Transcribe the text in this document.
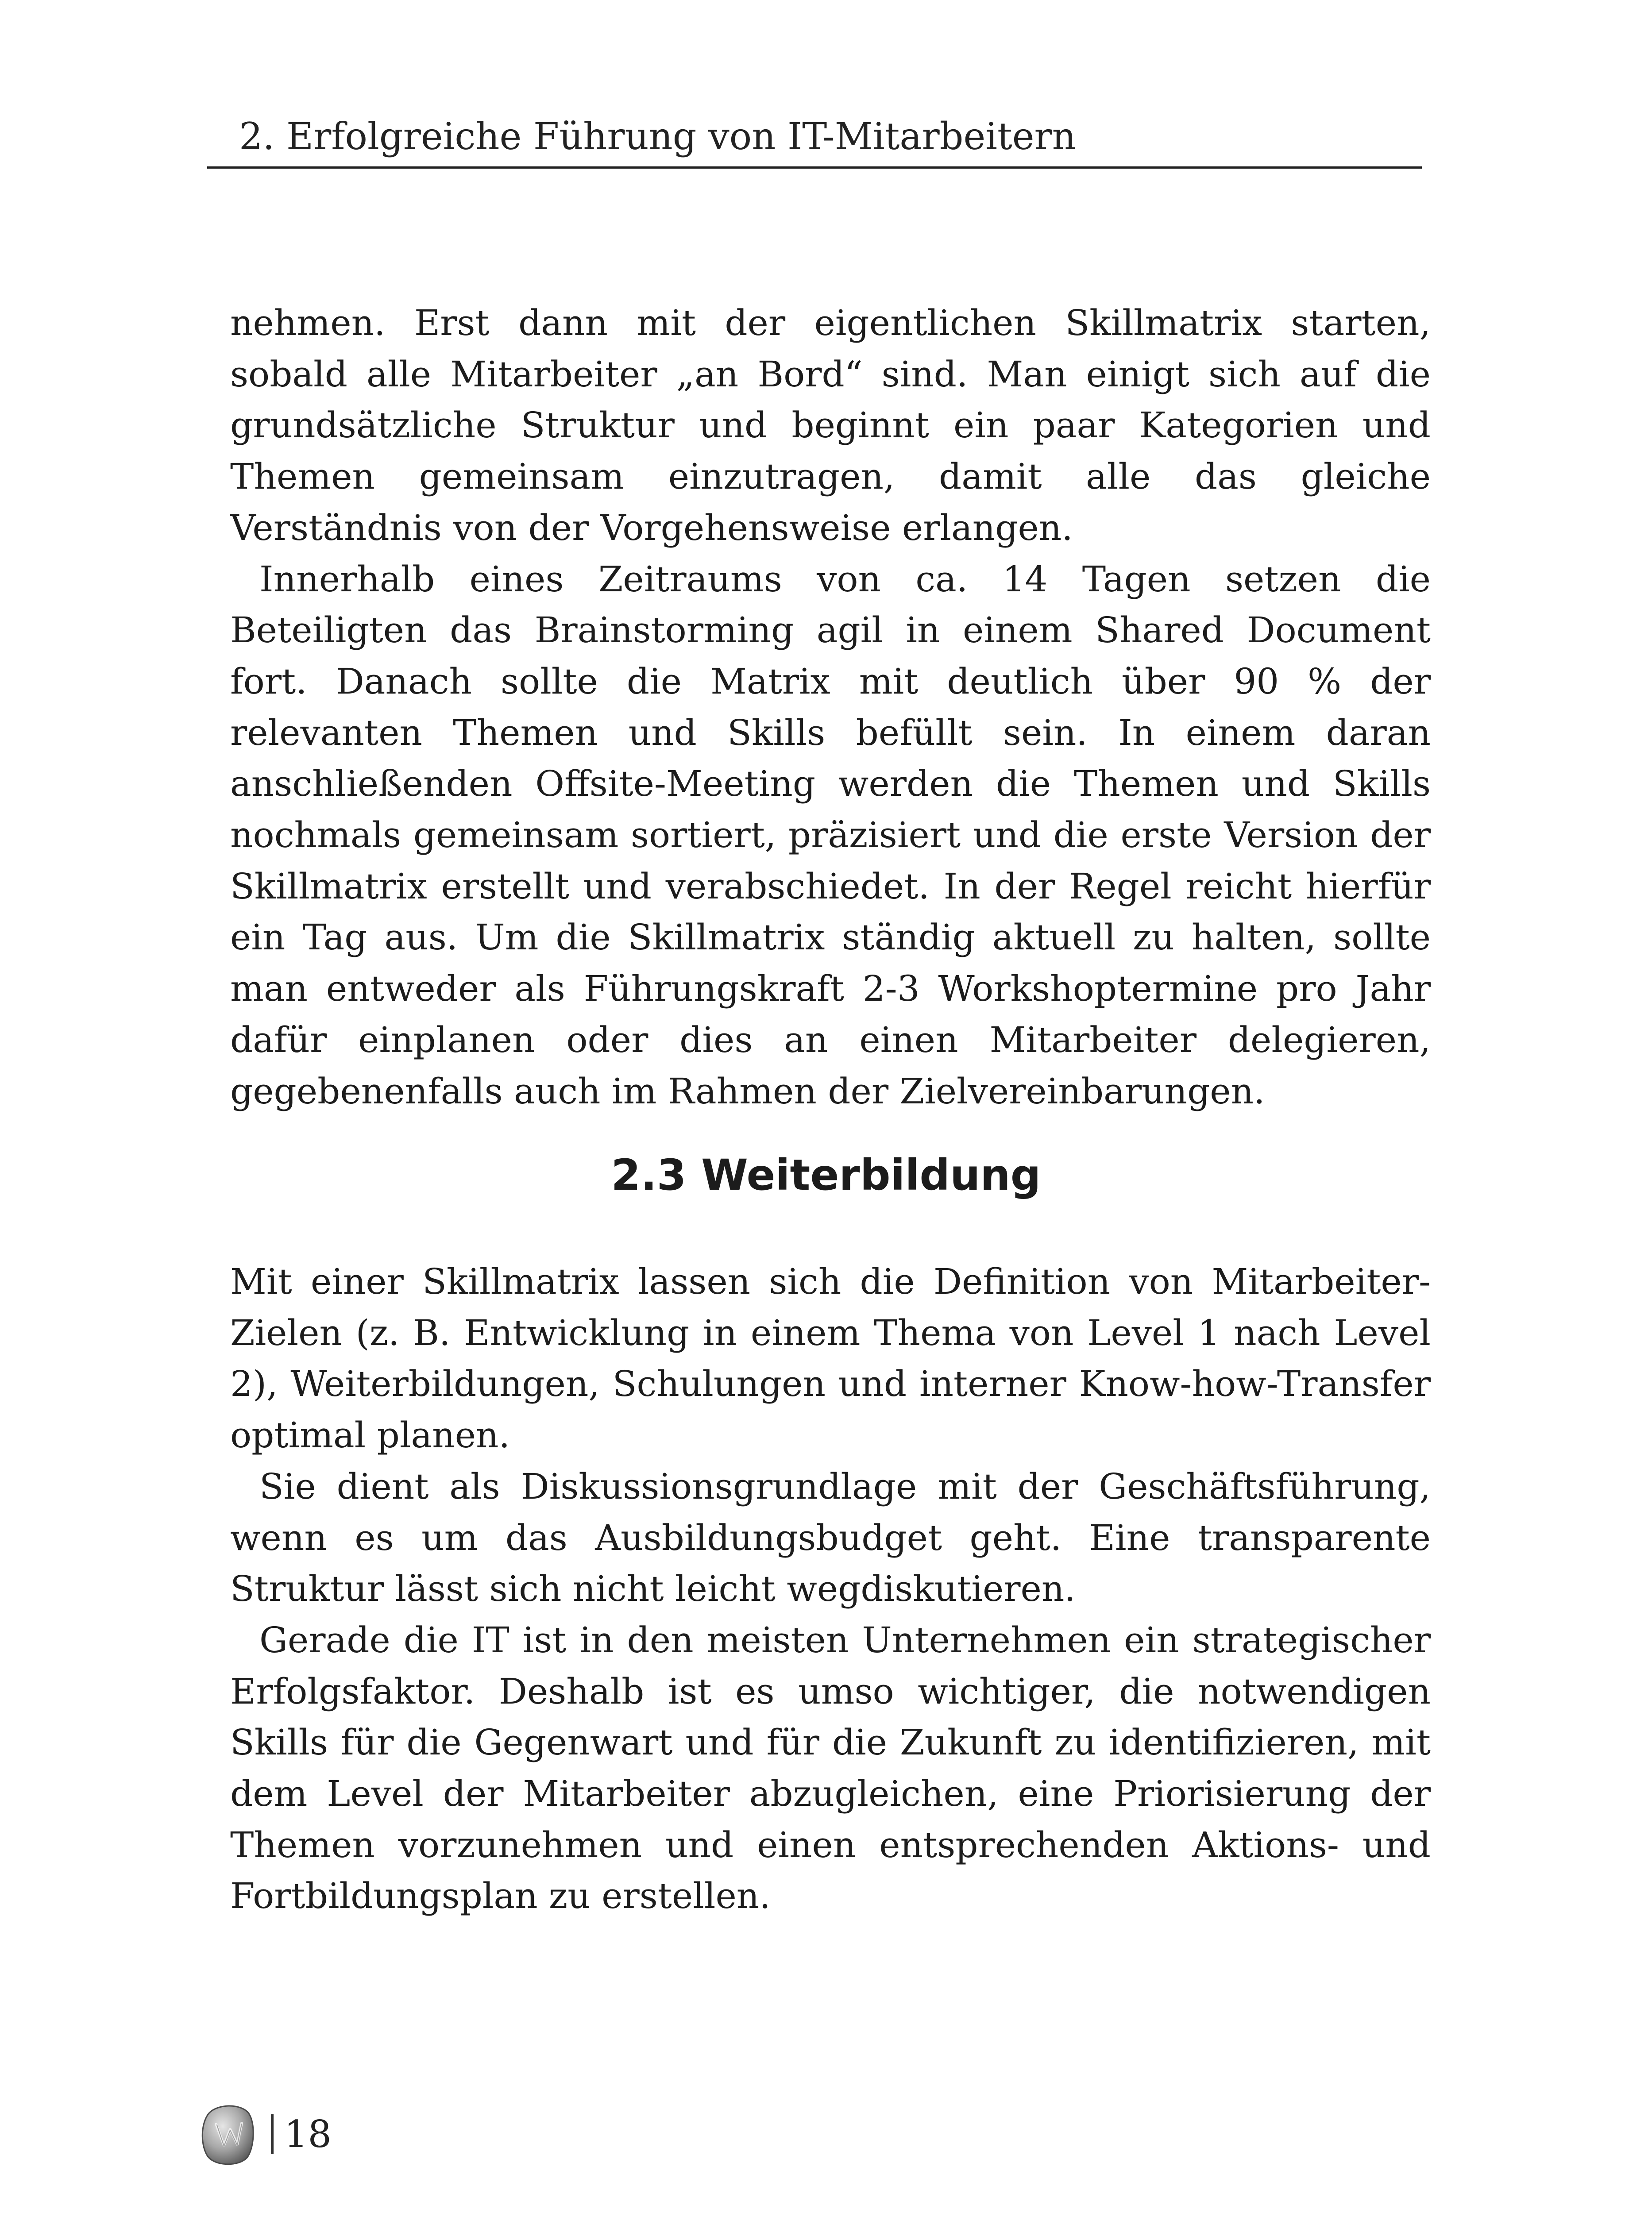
2. Erfolgreiche Führung von IT-Mitarbeitern

nehmen. Erst dann mit der eigentlichen Skillmatrix starten, sobald alle Mitarbeiter „an Bord“ sind. Man einigt sich auf die grundsätzliche Struktur und beginnt ein paar Kategorien und Themen gemeinsam einzutragen, damit alle das gleiche Verständnis von der Vorgehensweise erlangen.

Innerhalb eines Zeitraums von ca. 14 Tagen setzen die Beteiligten das Brainstorming agil in einem Shared Document fort. Danach sollte die Matrix mit deutlich über 90 % der relevanten Themen und Skills befüllt sein. In einem daran anschließenden Offsite-Meeting werden die Themen und Skills nochmals gemeinsam sortiert, präzisiert und die erste Version der Skillmatrix erstellt und verabschiedet. In der Regel reicht hierfür ein Tag aus. Um die Skillmatrix ständig aktuell zu halten, sollte man entweder als Führungskraft 2-3 Workshoptermine pro Jahr dafür einplanen oder dies an einen Mitarbeiter delegieren, gegebenenfalls auch im Rahmen der Zielvereinbarungen.

2.3 Weiterbildung

Mit einer Skillmatrix lassen sich die Definition von Mitarbeiter-Zielen (z. B. Entwicklung in einem Thema von Level 1 nach Level 2), Weiterbildungen, Schulungen und interner Know-how-Transfer optimal planen.

Sie dient als Diskussionsgrundlage mit der Geschäftsführung, wenn es um das Ausbildungsbudget geht. Eine transparente Struktur lässt sich nicht leicht wegdiskutieren.

Gerade die IT ist in den meisten Unternehmen ein strategischer Erfolgsfaktor. Deshalb ist es umso wichtiger, die notwendigen Skills für die Gegenwart und für die Zukunft zu identifizieren, mit dem Level der Mitarbeiter abzugleichen, eine Priorisierung der Themen vorzunehmen und einen entsprechenden Aktions- und Fortbildungsplan zu erstellen.

18
